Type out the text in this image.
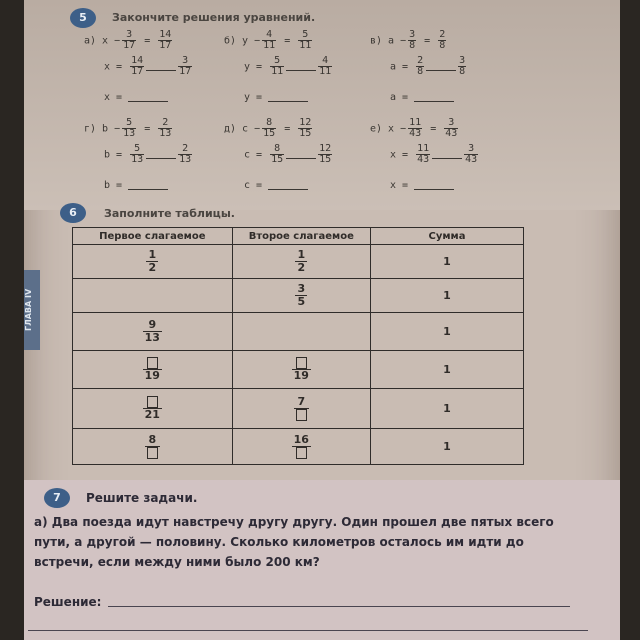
5	Закончите решения уравнений.
ГЛАВА IV
6	Заполните таблицы.
Первое слагаемое	Второе слагаемое	Сумма

$\frac{1}{2}$	$\frac{1}{2}$	1

	$\frac{3}{5}$	1

$\frac{9}{13}$		1

19	19	1

21	7	1

8	16	1
7	Решите задачи.
а) Два поезда идут навстречу другу другу. Один прошел две пятых всего
пути, а другой — половину. Сколько километров осталось им идти до
встречи, если между ними было 200 км?
Решение:
а) $x - \frac{3}{17} = \frac{14}{17}$
$x = \frac{14}{17}$	$\frac{3}{17}$
x =
б) $y - \frac{4}{11} = \frac{5}{11}$
$y = \frac{5}{11}$	$\frac{4}{11}$
y =
в) $a - \frac{3}{8} = \frac{2}{8}$
$a = \frac{2}{8}$	$\frac{3}{8}$
a =
г) $b - \frac{5}{13} = \frac{2}{13}$
$b = \frac{5}{13}$	$\frac{2}{13}$
b =
д) $c - \frac{8}{15} = \frac{12}{15}$
$c = \frac{8}{15}$	$\frac{12}{15}$
c =
е) $x - \frac{11}{43} = \frac{3}{43}$
$x = \frac{11}{43}$	$\frac{3}{43}$
x =
